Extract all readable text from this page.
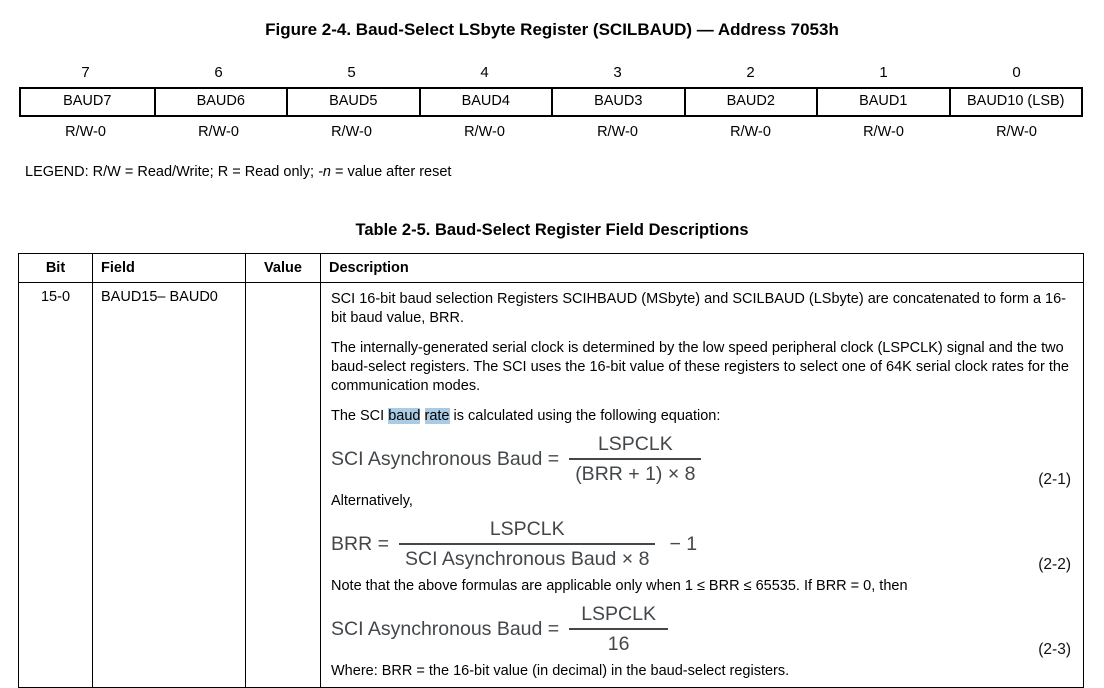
Figure 2-4. Baud-Select LSbyte Register (SCILBAUD) — Address 7053h
7	6	5	4	3	2	1	0
BAUD7	BAUD6	BAUD5	BAUD4	BAUD3	BAUD2	BAUD1	BAUD10 (LSB)
R/W-0	R/W-0	R/W-0	R/W-0	R/W-0	R/W-0	R/W-0	R/W-0
LEGEND: R/W = Read/Write; R = Read only; -n = value after reset
Table 2-5. Baud-Select Register Field Descriptions
Bit	Field	Value	Description
15-0	BAUD15– BAUD0		SCI 16-bit baud selection Registers SCIHBAUD (MSbyte) and SCILBAUD (LSbyte) are concatenated to form a 16-bit baud value, BRR.

The internally-generated serial clock is determined by the low speed peripheral clock (LSPCLK) signal and the two baud-select registers. The SCI uses the 16-bit value of these registers to select one of 64K serial clock rates for the communication modes.

The SCI baud rate is calculated using the following equation:

SCI Asynchronous Baud = $\frac{\text{LSPCLK}}{\text{(BRR + 1) × 8}}$	(2-1)

Alternatively,

BRR = $\frac{\text{LSPCLK}}{\text{SCI Asynchronous Baud × 8}} - 1$
(2-2)

Note that the above formulas are applicable only when 1 ≤ BRR ≤ 65535. If BRR = 0, then

SCI Asynchronous Baud = $\frac{\text{LSPCLK}}{16}$	(2-3)

Where: BRR = the 16-bit value (in decimal) in the baud-select registers.
